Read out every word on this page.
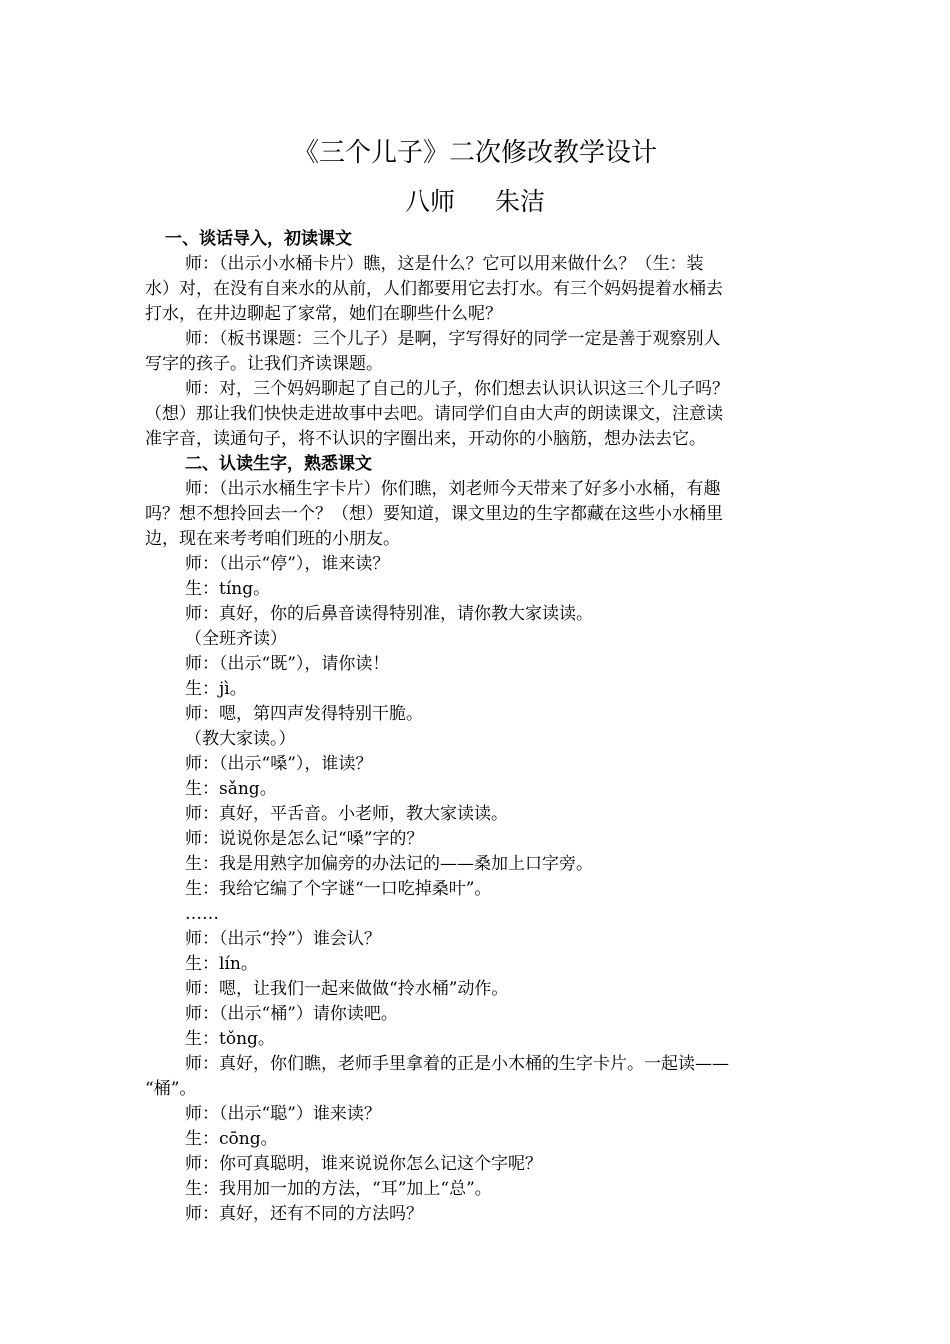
《三个儿子》二次修改教学设计
八师 朱洁
一、谈话导入，初读课文
师：（出示小水桶卡片）瞧，这是什么？它可以用来做什么？（生：装
水）对，在没有自来水的从前，人们都要用它去打水。有三个妈妈提着水桶去
打水，在井边聊起了家常，她们在聊些什么呢？
师：（板书课题：三个儿子）是啊，字写得好的同学一定是善于观察别人
写字的孩子。让我们齐读课题。
师：对，三个妈妈聊起了自己的儿子，你们想去认识认识这三个儿子吗？
（想）那让我们快快走进故事中去吧。请同学们自由大声的朗读课文，注意读
准字音，读通句子，将不认识的字圈出来，开动你的小脑筋，想办法去它。
二、认读生字，熟悉课文
师：（出示水桶生字卡片）你们瞧，刘老师今天带来了好多小水桶，有趣
吗？想不想拎回去一个？（想）要知道，课文里边的生字都藏在这些小水桶里
边，现在来考考咱们班的小朋友。
师：（出示“停”），谁来读？
生：tíng。
师：真好，你的后鼻音读得特别准，请你教大家读读。
（全班齐读）
师：（出示“既”），请你读！
生：jì。
师：嗯，第四声发得特别干脆。
（教大家读。）
师：（出示“嗓”），谁读？
生：sǎng。
师：真好，平舌音。小老师，教大家读读。
师：说说你是怎么记“嗓”字的？
生：我是用熟字加偏旁的办法记的——桑加上口字旁。
生：我给它编了个字谜“一口吃掉桑叶”。
……
师：（出示“拎”）谁会认？
生：lín。
师：嗯，让我们一起来做做“拎水桶”动作。
师：（出示“桶”）请你读吧。
生：tǒng。
师：真好，你们瞧，老师手里拿着的正是小木桶的生字卡片。一起读——
“桶”。
师：（出示“聪”）谁来读？
生：cōng。
师：你可真聪明，谁来说说你怎么记这个字呢？
生：我用加一加的方法，“耳”加上“总”。
师：真好，还有不同的方法吗？
